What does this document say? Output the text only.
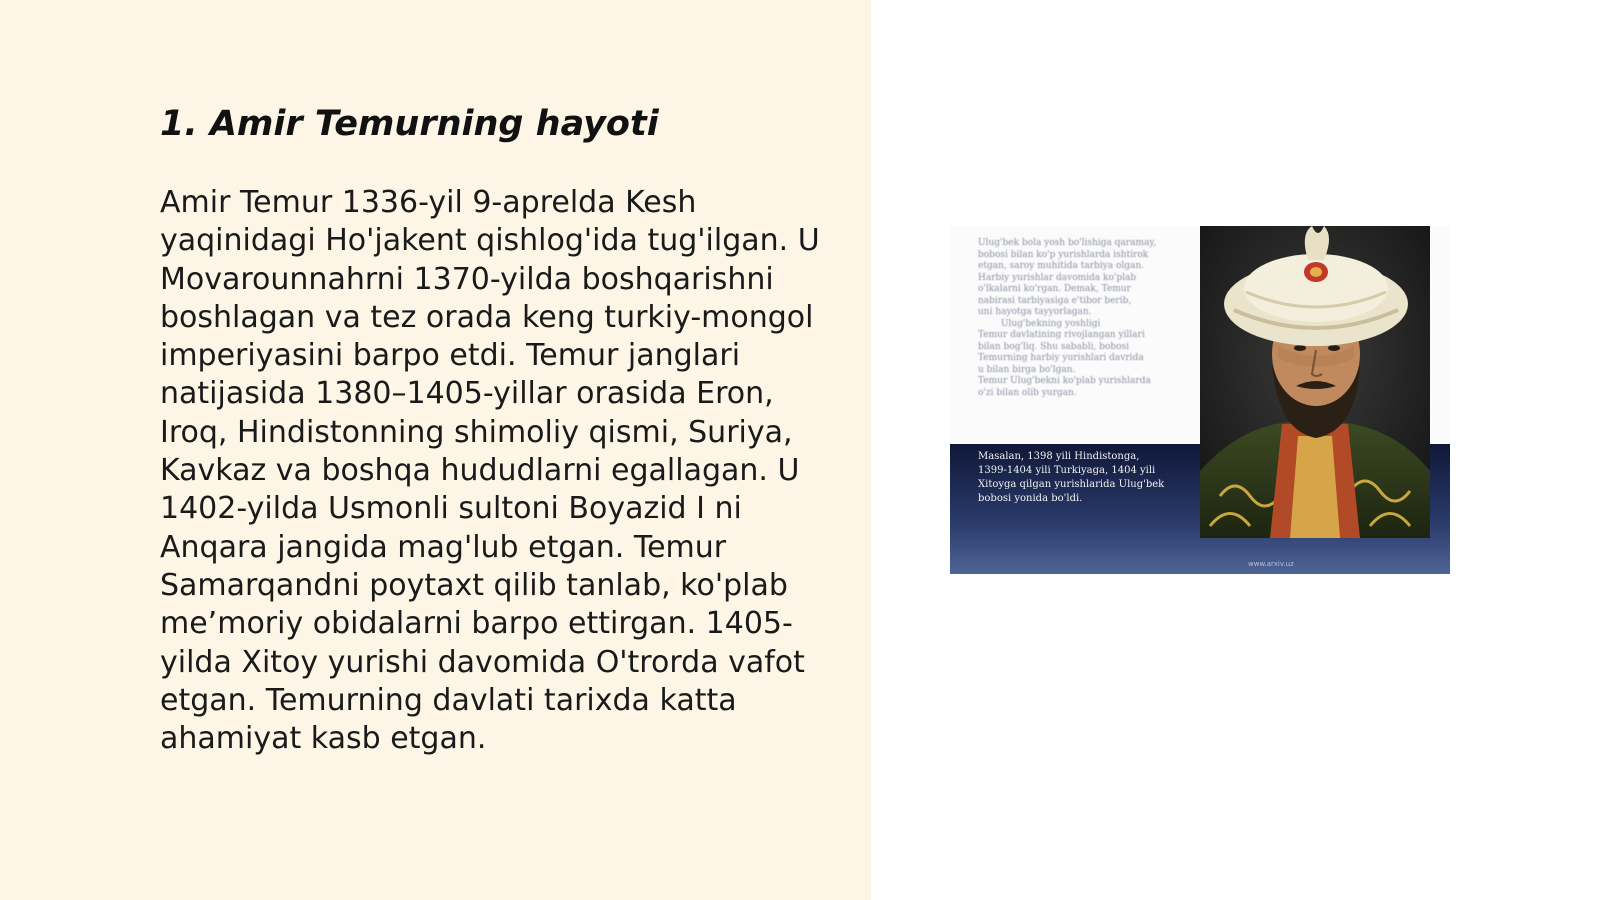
1. Amir Temurning hayoti

Amir Temur 1336-yil 9-aprelda Kesh yaqinidagi Ho'jakent qishlog'ida tug'ilgan. U Movarounnahrni 1370-yilda boshqarishni boshlagan va tez orada keng turkiy-mongol imperiyasini barpo etdi. Temur janglari natijasida 1380–1405-yillar orasida Eron, Iroq, Hindistonning shimoliy qismi, Suriya, Kavkaz va boshqa hududlarni egallagan. U 1402-yilda Usmonli sultoni Boyazid I ni Anqara jangida mag'lub etgan. Temur Samarqandni poytaxt qilib tanlab, ko'plab me’moriy obidalarni barpo ettirgan. 1405-yilda Xitoy yurishi davomida O'trorda vafot etgan. Temurning davlati tarixda katta ahamiyat kasb etgan.

Ulug'bek bola yosh bo'lishiga qaramay,
bobosi bilan ko'p yurishlarda ishtirok
etgan, saroy muhitida tarbiya olgan.
Harbiy yurishlar davomida ko'plab
o'lkalarni ko'rgan. Demak, Temur
nabirasi tarbiyasiga e'tibor berib,
uni hayotga tayyorlagan.
Ulug'bekning yoshligi
Temur davlatining rivojlangan yillari
bilan bog'liq. Shu sababli, bobosi
Temurning harbiy yurishlari davrida
u bilan birga bo'lgan.
Temur Ulug'bekni ko'plab yurishlarda
o'zi bilan olib yurgan.

Masalan, 1398 yili Hindistonga, 1399-1404 yili Turkiyaga, 1404 yili Xitoyga qilgan yurishlarida Ulug'bek bobosi yonida bo'ldi.

www.arxiv.uz
